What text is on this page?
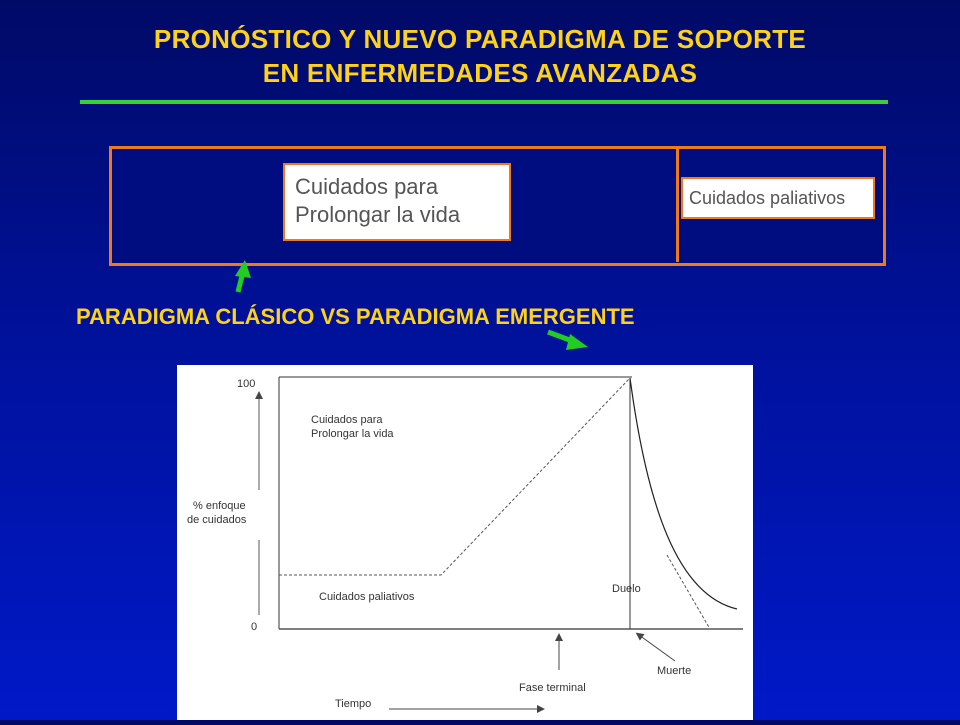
PRONÓSTICO Y NUEVO PARADIGMA DE SOPORTE
EN ENFERMEDADES AVANZADAS
Cuidados para
Prolongar la vida
Cuidados paliativos
PARADIGMA CLÁSICO VS PARADIGMA EMERGENTE
100
0
% enfoque
de cuidados
Cuidados para
Prolongar la vida
Cuidados paliativos
Duelo
Muerte
Fase terminal
Tiempo
